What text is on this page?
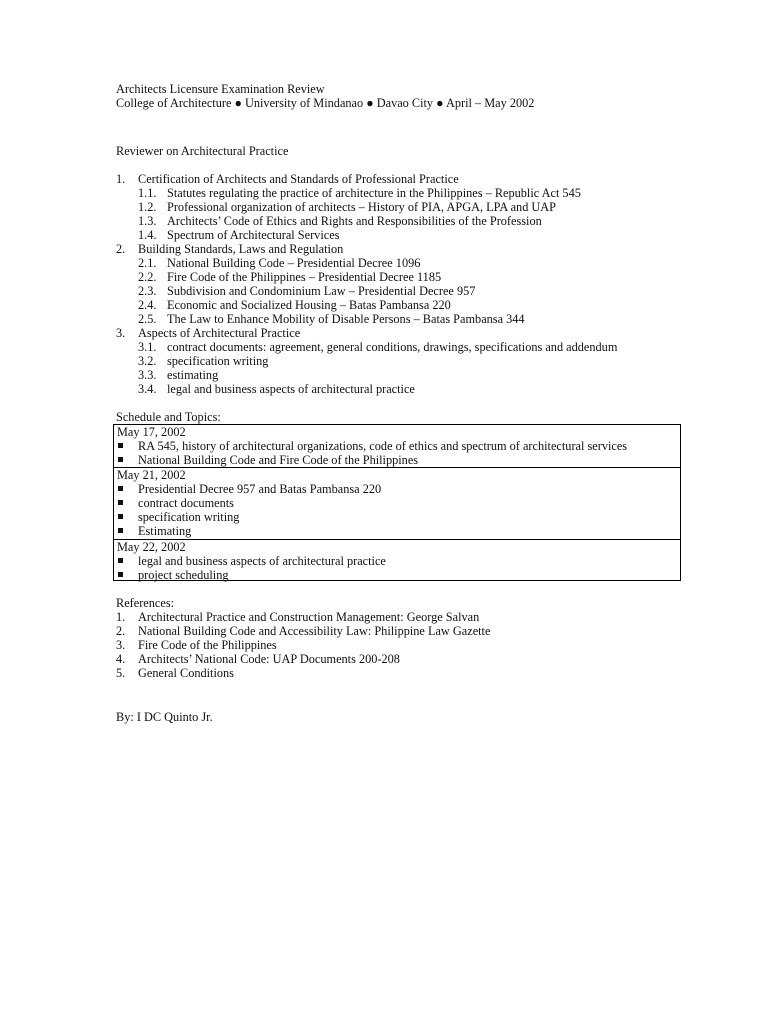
Architects Licensure Examination Review
College of Architecture ● University of Mindanao ● Davao City ● April – May 2002
Reviewer on Architectural Practice
1. Certification of Architects and Standards of Professional Practice
1.1. Statutes regulating the practice of architecture in the Philippines – Republic Act 545
1.2. Professional organization of architects – History of PIA, APGA, LPA and UAP
1.3. Architects’ Code of Ethics and Rights and Responsibilities of the Profession
1.4. Spectrum of Architectural Services
2. Building Standards, Laws and Regulation
2.1. National Building Code – Presidential Decree 1096
2.2. Fire Code of the Philippines – Presidential Decree 1185
2.3. Subdivision and Condominium Law – Presidential Decree 957
2.4. Economic and Socialized Housing – Batas Pambansa 220
2.5. The Law to Enhance Mobility of Disable Persons – Batas Pambansa 344
3. Aspects of Architectural Practice
3.1. contract documents: agreement, general conditions, drawings, specifications and addendum
3.2. specification writing
3.3. estimating
3.4. legal and business aspects of architectural practice
Schedule and Topics:
May 17, 2002
RA 545, history of architectural organizations, code of ethics and spectrum of architectural services
National Building Code and Fire Code of the Philippines
May 21, 2002
Presidential Decree 957 and Batas Pambansa 220
contract documents
specification writing
Estimating
May 22, 2002
legal and business aspects of architectural practice
project scheduling
References:
1. Architectural Practice and Construction Management: George Salvan
2. National Building Code and Accessibility Law: Philippine Law Gazette
3. Fire Code of the Philippines
4. Architects’ National Code: UAP Documents 200-208
5. General Conditions
By: I DC Quinto Jr.
